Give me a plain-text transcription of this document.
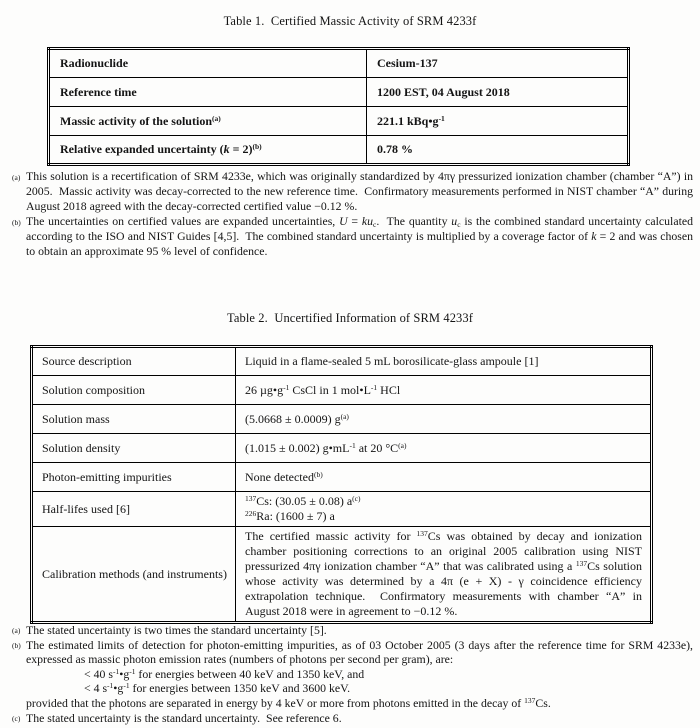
Table 1.  Certified Massic Activity of SRM 4233f
Radionuclide	Cesium-137
Reference time	1200 EST, 04 August 2018
Massic activity of the solution$^{(a)}$	221.1 $kBq•g^{-1}$
Relative expanded uncertainty (k = 2)$^{(b)}$	0.78 %
(a) This solution is a recertification of SRM 4233e, which was originally standardized by 4πγ pressurized ionization chamber (chamber “A”) in 2005.  Massic activity was decay-corrected to the new reference time.  Confirmatory measurements performed in NIST chamber “A” during August 2018 agreed with the decay-corrected certified value −0.12 %.
(b) The uncertainties on certified values are expanded uncertainties, $U = ku_c$.  The quantity $u_c$ is the combined standard uncertainty calculated according to the ISO and NIST Guides [4,5].  The combined standard uncertainty is multiplied by a coverage factor of k = 2 and was chosen to obtain an approximate 95 % level of confidence.
Table 2.  Uncertified Information of SRM 4233f
Source description	Liquid in a flame-sealed 5 mL borosilicate-glass ampoule [1]
Solution composition	26 $\mu g•g^{-1}$ CsCl in 1 $mol•L^{-1}$ HCl
Solution mass	(5.0668 ± 0.0009) $g^{(a)}$
Solution density	(1.015 ± 0.002) $g•mL^{-1}$ at 20 $^\circ C^{(a)}$
Photon-emitting impurities	None detected$^{(b)}$
Half-lifes used [6]	$^{137}$Cs: (30.05 ± 0.08) $a^{(c)}$
$^{226}$Ra: (1600 ± 7) a
Calibration methods (and instruments)	The certified massic activity for $^{137}$Cs was obtained by decay and ionization chamber positioning corrections to an original 2005 calibration using NIST pressurized 4πγ ionization chamber “A” that was calibrated using a $^{137}$Cs solution whose activity was determined by a 4π (e + X) - γ coincidence efficiency extrapolation technique.  Confirmatory measurements with chamber “A” in August 2018 were in agreement to −0.12 %.
(a) The stated uncertainty is two times the standard uncertainty [5].
(b) The estimated limits of detection for photon-emitting impurities, as of 03 October 2005 (3 days after the reference time for SRM 4233e), expressed as massic photon emission rates (numbers of photons per second per gram), are:
< 40 $s^{-1}•g^{-1}$ for energies between 40 keV and 1350 keV, and
< 4 $s^{-1}•g^{-1}$ for energies between 1350 keV and 3600 keV.
provided that the photons are separated in energy by 4 keV or more from photons emitted in the decay of $^{137}$Cs.
(c) The stated uncertainty is the standard uncertainty.  See reference 6.
